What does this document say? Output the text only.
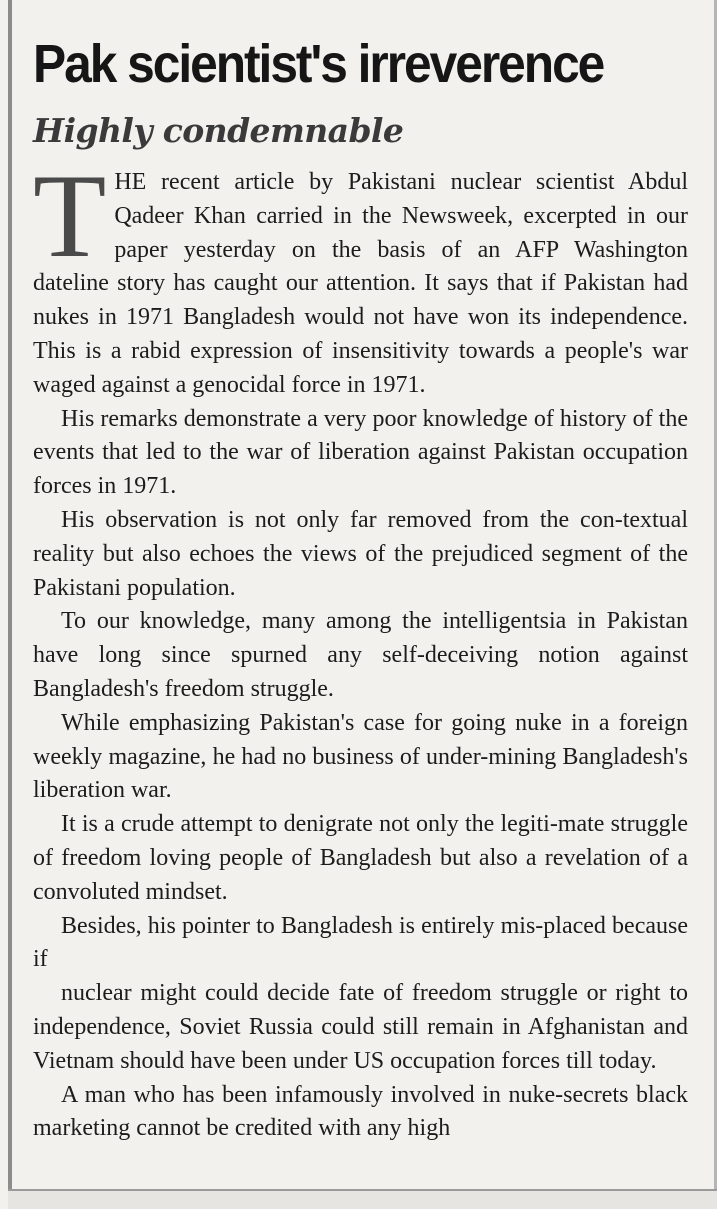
Pak scientist's irreverence
Highly condemnable

THE recent article by Pakistani nuclear scientist Abdul Qadeer Khan carried in the Newsweek, excerpted in our paper yesterday on the basis of an AFP Washington dateline story has caught our attention. It says that if Pakistan had nukes in 1971 Bangladesh would not have won its independence. This is a rabid expression of insensitivity towards a people's war waged against a genocidal force in 1971.

His remarks demonstrate a very poor knowledge of history of the events that led to the war of liberation against Pakistan occupation forces in 1971.

His observation is not only far removed from the con-textual reality but also echoes the views of the prejudiced segment of the Pakistani population.

To our knowledge, many among the intelligentsia in Pakistan have long since spurned any self-deceiving notion against Bangladesh's freedom struggle.

While emphasizing Pakistan's case for going nuke in a foreign weekly magazine, he had no business of under-mining Bangladesh's liberation war.

It is a crude attempt to denigrate not only the legiti-mate struggle of freedom loving people of Bangladesh but also a revelation of a convoluted mindset.

Besides, his pointer to Bangladesh is entirely mis-placed because if

nuclear might could decide fate of freedom struggle or right to independence, Soviet Russia could still remain in Afghanistan and Vietnam should have been under US occupation forces till today.

A man who has been infamously involved in nuke-secrets black marketing cannot be credited with any high
